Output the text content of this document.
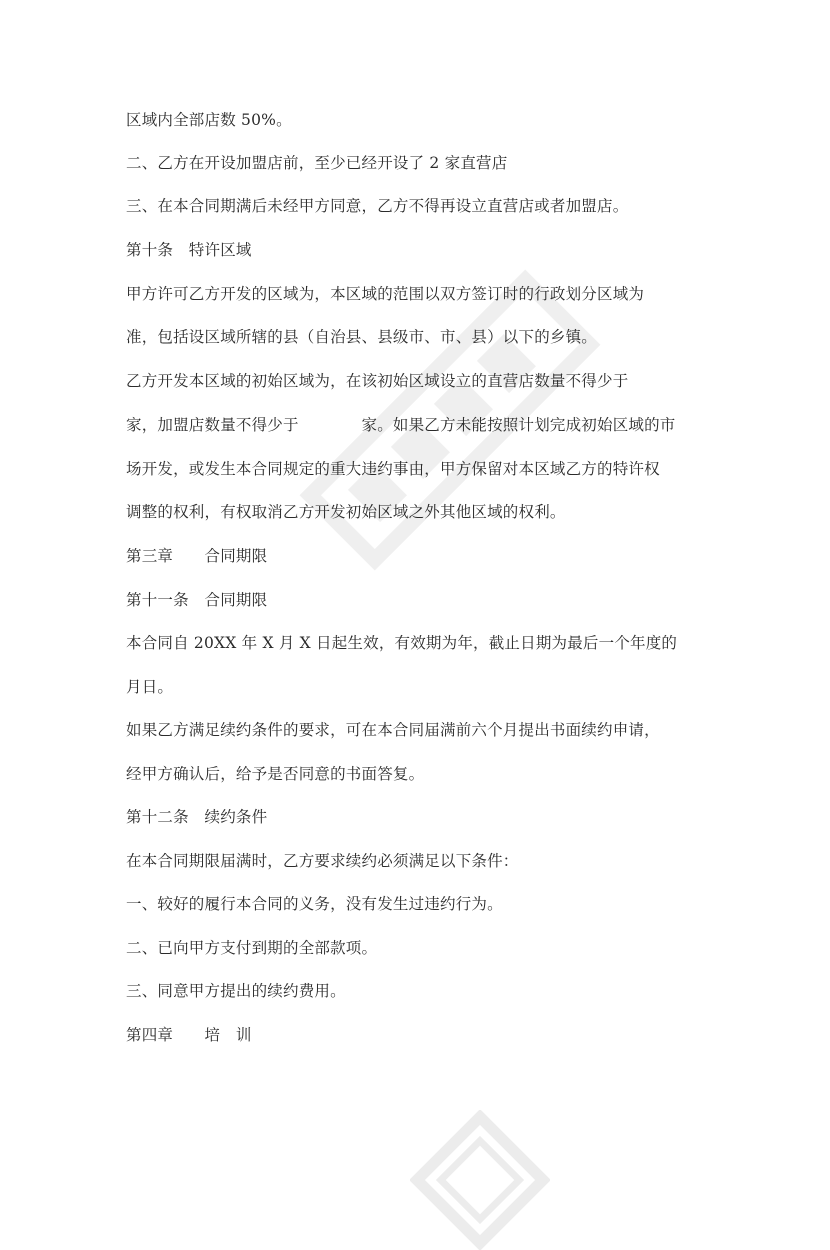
区域内全部店数 50%。
二、乙方在开设加盟店前，至少已经开设了 2 家直营店
三、在本合同期满后未经甲方同意，乙方不得再设立直营店或者加盟店。
第十条　特许区域
甲方许可乙方开发的区域为，本区域的范围以双方签订时的行政划分区域为
准，包括设区域所辖的县（自治县、县级市、市、县）以下的乡镇。
乙方开发本区域的初始区域为，在该初始区域设立的直营店数量不得少于
家，加盟店数量不得少于　　　　家。如果乙方未能按照计划完成初始区域的市
场开发，或发生本合同规定的重大违约事由，甲方保留对本区域乙方的特许权
调整的权利，有权取消乙方开发初始区域之外其他区域的权利。
第三章　　合同期限
第十一条　合同期限
本合同自 20XX 年 X 月 X 日起生效，有效期为年，截止日期为最后一个年度的
月日。
如果乙方满足续约条件的要求，可在本合同届满前六个月提出书面续约申请，
经甲方确认后，给予是否同意的书面答复。
第十二条　续约条件
在本合同期限届满时，乙方要求续约必须满足以下条件：
一、较好的履行本合同的义务，没有发生过违约行为。
二、已向甲方支付到期的全部款项。
三、同意甲方提出的续约费用。
第四章　　培　训
